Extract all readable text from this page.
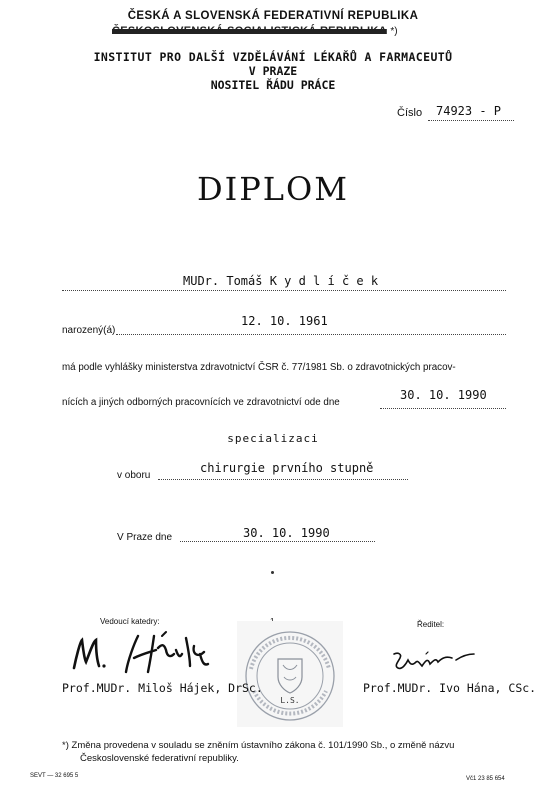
ČESKÁ A SLOVENSKÁ FEDERATIVNÍ REPUBLIKA
ČESKOSLOVENSKÁ SOCIALISTICKÁ REPUBLIKA *)
INSTITUT PRO DALŠÍ VZDĚLÁVÁNÍ LÉKAŘŮ A FARMACEUTŮ
V PRAZE
NOSITEL ŘÁDU PRÁCE
Číslo 74923 - P
DIPLOM
MUDr. Tomáš K y d l í č e k
narozený(á)
12. 10. 1961
má podle vyhlášky ministerstva zdravotnictví ČSR č. 77/1981 Sb. o zdravotnických pracov-
nících a jiných odborných pracovnících ve zdravotnictví ode dne
30. 10. 1990
specializaci
v oboru
chirurgie prvního stupně
V Praze dne	30. 10. 1990
Vedoucí katedry:	Ředitel:
L.S.
Prof.MUDr. Miloš Hájek, DrSc.	Prof.MUDr. Ivo Hána, CSc.
*) Změna provedena v souladu se zněním ústavního zákona č. 101/1990 Sb., o změně názvu
Československé federativní republiky.
SEVT — 32 695 5	Vč1 23 85 654
